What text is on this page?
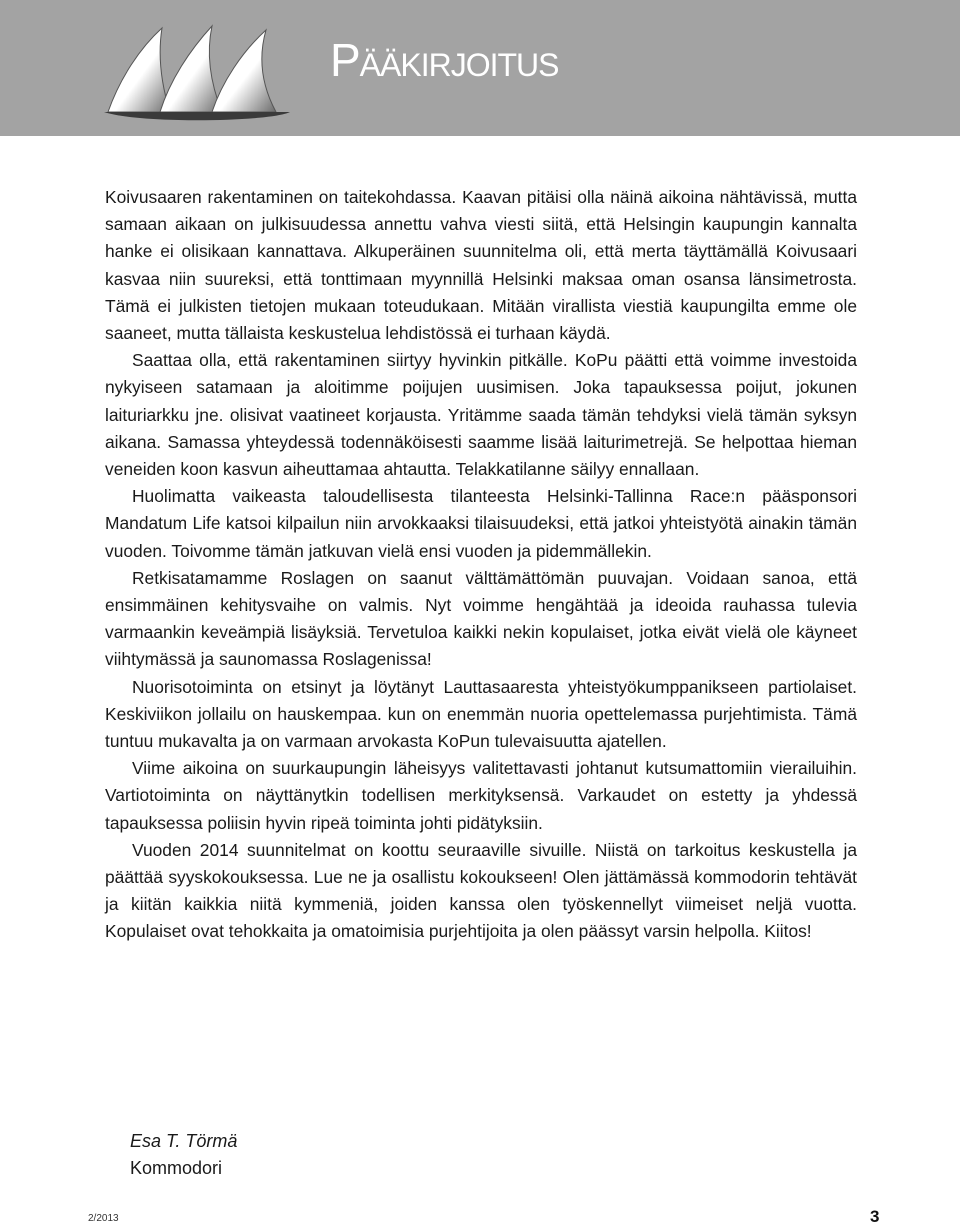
Pääkirjoitus

Koivusaaren rakentaminen on taitekohdassa. Kaavan pitäisi olla näinä aikoina nähtävissä, mutta samaan aikaan on julkisuudessa annettu vahva viesti siitä, että Helsingin kaupungin kannalta hanke ei olisikaan kannattava. Alkuperäinen suunnitelma oli, että merta täyttämällä Koivusaari kasvaa niin suureksi, että tonttimaan myynnillä Helsinki maksaa oman osansa länsimetrosta. Tämä ei julkisten tietojen mukaan toteudukaan. Mitään virallista viestiä kaupungilta emme ole saaneet, mutta tällaista keskustelua lehdistössä ei turhaan käydä.

Saattaa olla, että rakentaminen siirtyy hyvinkin pitkälle. KoPu päätti että voimme investoida nykyiseen satamaan ja aloitimme poijujen uusimisen. Joka tapauksessa poijut, jokunen laituriarkku jne. olisivat vaatineet korjausta. Yritämme saada tämän tehdyksi vielä tämän syksyn aikana. Samassa yhteydessä todennäköisesti saamme lisää laiturimetrejä. Se helpottaa hieman veneiden koon kasvun aiheuttamaa ahtautta. Telakkatilanne säilyy ennallaan.

Huolimatta vaikeasta taloudellisesta tilanteesta Helsinki-Tallinna Race:n pääsponsori Mandatum Life katsoi kilpailun niin arvokkaaksi tilaisuudeksi, että jatkoi yhteistyötä ainakin tämän vuoden. Toivomme tämän jatkuvan vielä ensi vuoden ja pidemmällekin.

Retkisatamamme Roslagen on saanut välttämättömän puuvajan. Voidaan sanoa, että ensimmäinen kehitysvaihe on valmis. Nyt voimme hengähtää ja ideoida rauhassa tulevia varmaankin keveämpiä lisäyksiä. Tervetuloa kaikki nekin kopulaiset, jotka eivät vielä ole käyneet viihtymässä ja saunomassa Roslagenissa!

Nuorisotoiminta on etsinyt ja löytänyt Lauttasaaresta yhteistyökumppanikseen partiolaiset. Keskiviikon jollailu on hauskempaa. kun on enemmän nuoria opettelemassa purjehtimista. Tämä tuntuu mukavalta ja on varmaan arvokasta KoPun tulevaisuutta ajatellen.

Viime aikoina on suurkaupungin läheisyys valitettavasti johtanut kutsumattomiin vierailuihin. Vartiotoiminta on näyttänytkin todellisen merkityksensä. Varkaudet on estetty ja yhdessä tapauksessa poliisin hyvin ripeä toiminta johti pidätyksiin.

Vuoden 2014 suunnitelmat on koottu seuraaville sivuille. Niistä on tarkoitus keskustella ja päättää syyskokouksessa. Lue ne ja osallistu kokoukseen! Olen jättämässä kommodorin tehtävät ja kiitän kaikkia niitä kymmeniä, joiden kanssa olen työskennellyt viimeiset neljä vuotta. Kopulaiset ovat tehokkaita ja omatoimisia purjehtijoita ja olen päässyt varsin helpolla. Kiitos!

Esa T. Törmä
Kommodori
2/2013	3
